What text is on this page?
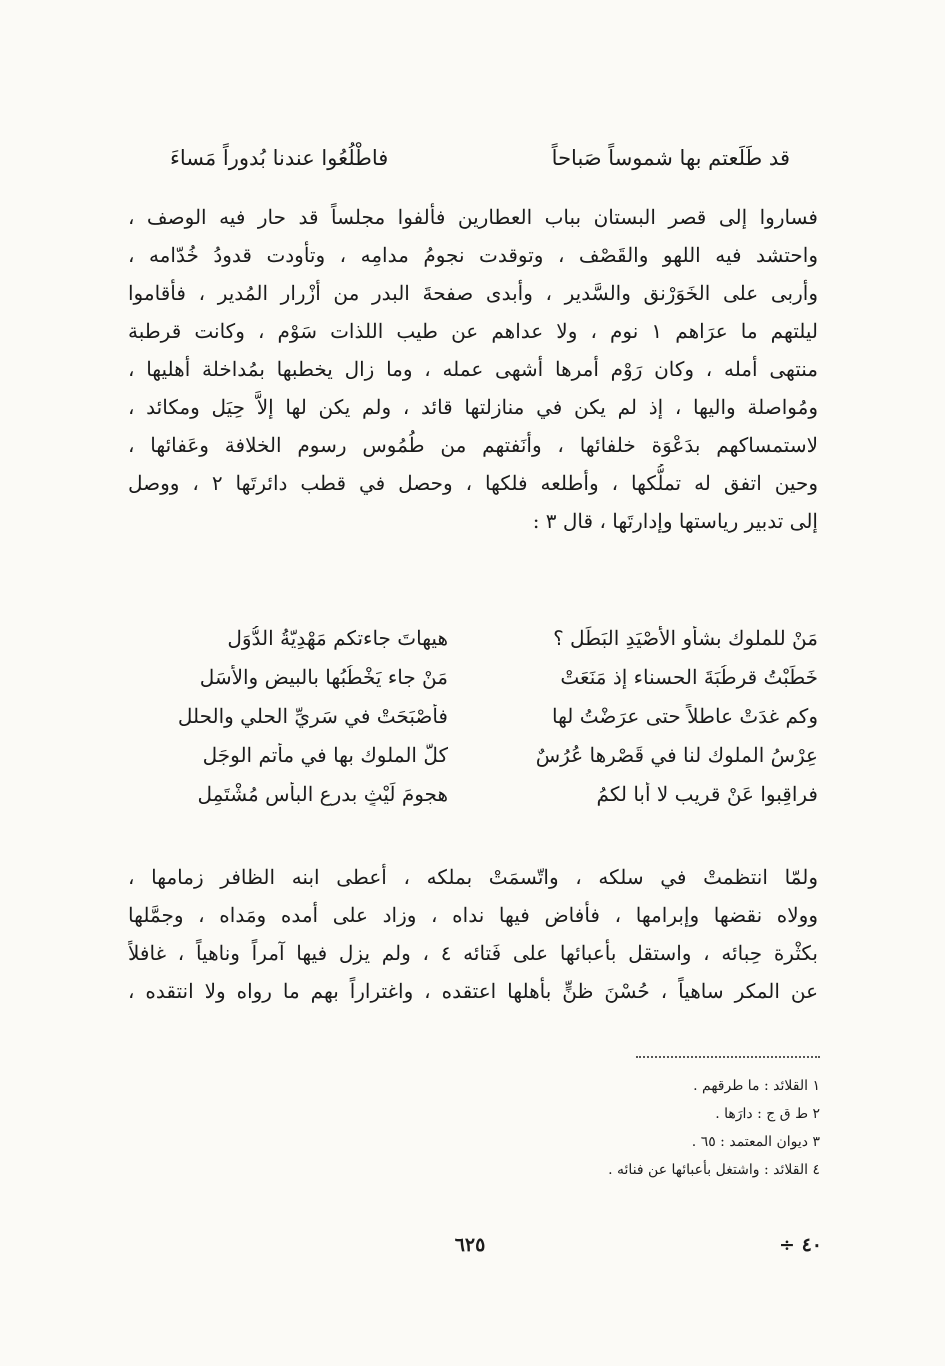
قد طَلَعتم بها شموساً صَباحاً
فاطْلُعُوا عندنا بُدوراً مَساءَ
فساروا إلى قصر البستان بباب العطارين فألفوا مجلساً قد حار فيه الوصف ،
واحتشد فيه اللهو والقَصْف ، وتوقدت نجومُ مدامِه ، وتأودت قدودُ خُدّامه ،
وأربى على الخَوَرْنق والسَّدير ، وأبدى صفحةَ البدر من أزْرار المُدير ، فأقاموا
ليلتهم ما عرَاهم ١ نوم ، ولا عداهم عن طيب اللذات سَوْم ، وكانت قرطبة
منتهى أمله ، وكان رَوْم أمرها أشهى عمله ، وما زال يخطبها بمُداخلة أهليها ،
ومُواصلة واليها ، إذ لم يكن في منازلتها قائد ، ولم يكن لها إلاَّ حِيَل ومكائد ،
لاستمساكهم بدَعْوَة خلفائها ، وأنَفتهم من طُمُوس رسوم الخلافة وعَفائها ،
وحين اتفق له تملُّكها ، وأطلعه فلكها ، وحصل في قطب دائرتَها ٢ ، ووصل
إلى تدبير رياستها وإدارتَها ، قال ٣ :
مَنْ للملوك بشأو الأصْيَدِ البَطَلِ ؟
هيهاتَ جاءتكم مَهْدِيّةُ الدُّوَلِ
خَطَبْتُ قرطُبَةَ الحسناء إذ مَنَعَتْ
مَنْ جاء يَخْطُبُها بالبيض والأسَلِ
وكم غدَتْ عاطلاً حتى عرَضْتُ لها
فأصْبَحَتْ في سَرِيِّ الحلي والحلل
عِرْسُ الملوك لنا في قَصْرِها عُرُسٌ
كلُّ الملوك بها في مأتم الوجَلِ
فراقِبوا عَنْ قريب لا أبا لكمُ
هجومَ لَيْثٍ بدرع البأس مُشْتَمِلِ
ولمّا انتظمتْ في سلكه ، واتّسمَتْ بملكه ، أعطى ابنه الظافر زمامها ،
وولاه نقضها وإبرامها ، فأفاض فيها نداه ، وزاد على أمده ومَداه ، وجمَّلها
بكثْرة حِبائه ، واستقل بأعبائها على فَتائه ٤ ، ولم يزل فيها آمراً وناهياً ، غافلاً
عن المكر ساهياً ، حُسْنَ ظنٍّ بأهلها اعتقده ، واغتراراً بهم ما رواه ولا انتقده ،
١ القلائد : ما طرقهم .
٢ ط ق ج : دارَها .
٣ ديوان المعتمد : ٦٥ .
٤ القلائد : واشتغل بأعبائها عن فنائه .
٦٢٥	٤٠ ÷
